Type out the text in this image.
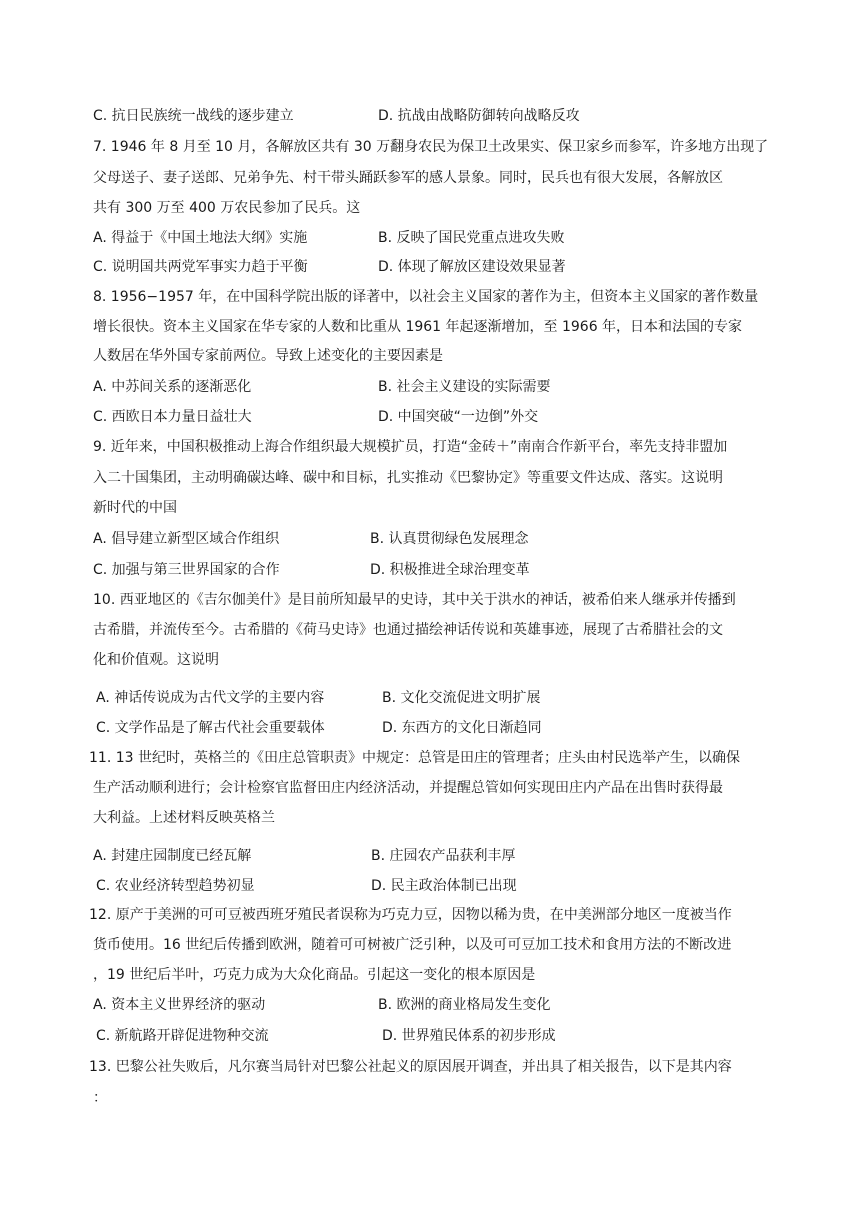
C. 抗日民族统一战线的逐步建立	D. 抗战由战略防御转向战略反攻
7. 1946 年 8 月至 10 月，各解放区共有 30 万翻身农民为保卫土改果实、保卫家乡而参军，许多地方出现了
父母送子、妻子送郎、兄弟争先、村干带头踊跃参军的感人景象。同时，民兵也有很大发展，各解放区
共有 300 万至 400 万农民参加了民兵。这
A. 得益于《中国土地法大纲》实施	B. 反映了国民党重点进攻失败
C. 说明国共两党军事实力趋于平衡	D. 体现了解放区建设效果显著
8. 1956−1957 年，在中国科学院出版的译著中，以社会主义国家的著作为主，但资本主义国家的著作数量
增长很快。资本主义国家在华专家的人数和比重从 1961 年起逐渐增加，至 1966 年，日本和法国的专家
人数居在华外国专家前两位。导致上述变化的主要因素是
A. 中苏间关系的逐渐恶化	B. 社会主义建设的实际需要
C. 西欧日本力量日益壮大	D. 中国突破“一边倒”外交
9. 近年来，中国积极推动上海合作组织最大规模扩员，打造“金砖＋”南南合作新平台，率先支持非盟加
入二十国集团，主动明确碳达峰、碳中和目标，扎实推动《巴黎协定》等重要文件达成、落实。这说明
新时代的中国
A. 倡导建立新型区域合作组织	B. 认真贯彻绿色发展理念
C. 加强与第三世界国家的合作	D. 积极推进全球治理变革
10. 西亚地区的《吉尔伽美什》是目前所知最早的史诗，其中关于洪水的神话，被希伯来人继承并传播到
古希腊，并流传至今。古希腊的《荷马史诗》也通过描绘神话传说和英雄事迹，展现了古希腊社会的文
化和价值观。这说明
A. 神话传说成为古代文学的主要内容	B. 文化交流促进文明扩展
C. 文学作品是了解古代社会重要载体	D. 东西方的文化日渐趋同
11. 13 世纪时，英格兰的《田庄总管职责》中规定：总管是田庄的管理者；庄头由村民选举产生，以确保
生产活动顺利进行；会计检察官监督田庄内经济活动，并提醒总管如何实现田庄内产品在出售时获得最
大利益。上述材料反映英格兰
A. 封建庄园制度已经瓦解	B. 庄园农产品获利丰厚
C. 农业经济转型趋势初显	D. 民主政治体制已出现
12. 原产于美洲的可可豆被西班牙殖民者误称为巧克力豆，因物以稀为贵，在中美洲部分地区一度被当作
货币使用。16 世纪后传播到欧洲，随着可可树被广泛引种，以及可可豆加工技术和食用方法的不断改进
，19 世纪后半叶，巧克力成为大众化商品。引起这一变化的根本原因是
A. 资本主义世界经济的驱动	B. 欧洲的商业格局发生变化
C. 新航路开辟促进物种交流	D. 世界殖民体系的初步形成
13. 巴黎公社失败后，凡尔赛当局针对巴黎公社起义的原因展开调查，并出具了相关报告，以下是其内容
：
